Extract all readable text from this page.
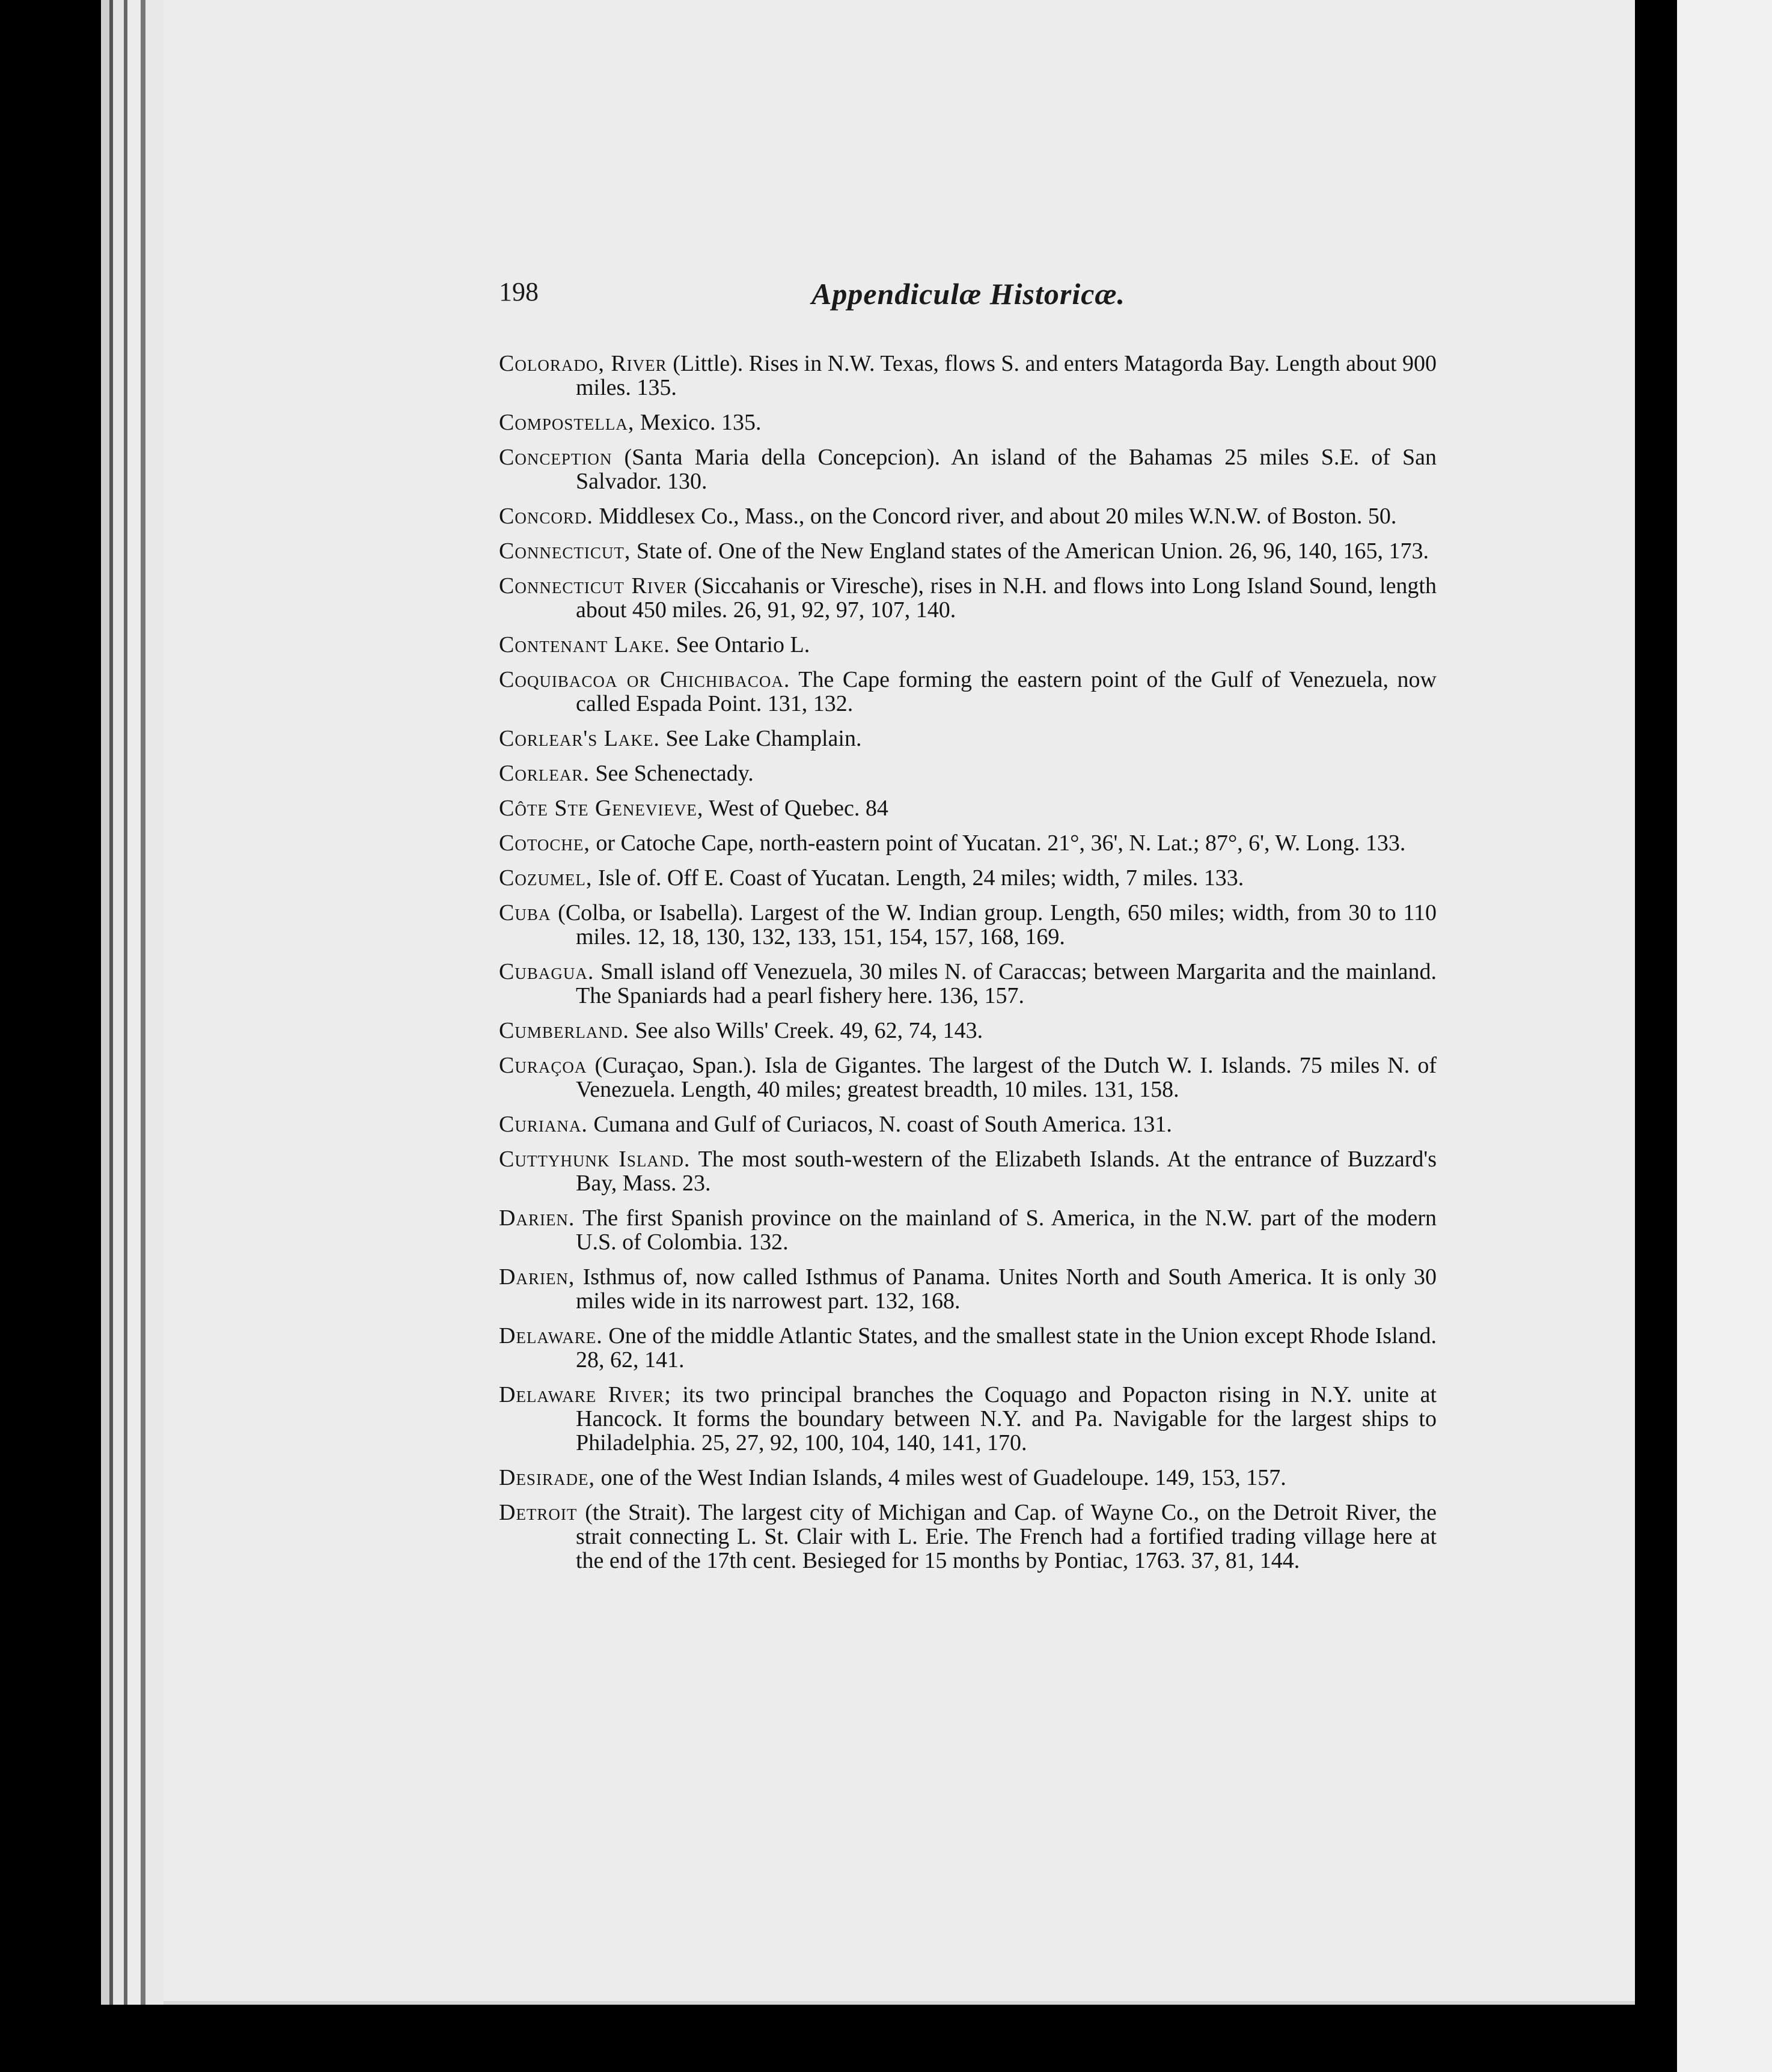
198	Appendiculæ Historicæ.

Colorado, River (Little). Rises in N.W. Texas, flows S. and enters Matagorda Bay. Length about 900 miles. 135.

Compostella, Mexico. 135.

Conception (Santa Maria della Concepcion). An island of the Bahamas 25 miles S.E. of San Salvador. 130.

Concord. Middlesex Co., Mass., on the Concord river, and about 20 miles W.N.W. of Boston. 50.

Connecticut, State of. One of the New England states of the American Union. 26, 96, 140, 165, 173.

Connecticut River (Siccahanis or Viresche), rises in N.H. and flows into Long Island Sound, length about 450 miles. 26, 91, 92, 97, 107, 140.

Contenant Lake. See Ontario L.

Coquibacoa or Chichibacoa. The Cape forming the eastern point of the Gulf of Venezuela, now called Espada Point. 131, 132.

Corlear's Lake. See Lake Champlain.

Corlear. See Schenectady.

Côte Ste Genevieve, West of Quebec. 84

Cotoche, or Catoche Cape, north-eastern point of Yucatan. 21°, 36', N. Lat.; 87°, 6', W. Long. 133.

Cozumel, Isle of. Off E. Coast of Yucatan. Length, 24 miles; width, 7 miles. 133.

Cuba (Colba, or Isabella). Largest of the W. Indian group. Length, 650 miles; width, from 30 to 110 miles. 12, 18, 130, 132, 133, 151, 154, 157, 168, 169.

Cubagua. Small island off Venezuela, 30 miles N. of Caraccas; between Margarita and the mainland. The Spaniards had a pearl fishery here. 136, 157.

Cumberland. See also Wills' Creek. 49, 62, 74, 143.

Curaçoa (Curaçao, Span.). Isla de Gigantes. The largest of the Dutch W. I. Islands. 75 miles N. of Venezuela. Length, 40 miles; greatest breadth, 10 miles. 131, 158.

Curiana. Cumana and Gulf of Curiacos, N. coast of South America. 131.

Cuttyhunk Island. The most south-western of the Elizabeth Islands. At the entrance of Buzzard's Bay, Mass. 23.

Darien. The first Spanish province on the mainland of S. America, in the N.W. part of the modern U.S. of Colombia. 132.

Darien, Isthmus of, now called Isthmus of Panama. Unites North and South America. It is only 30 miles wide in its narrowest part. 132, 168.

Delaware. One of the middle Atlantic States, and the smallest state in the Union except Rhode Island. 28, 62, 141.

Delaware River; its two principal branches the Coquago and Popacton rising in N.Y. unite at Hancock. It forms the boundary between N.Y. and Pa. Navigable for the largest ships to Philadelphia. 25, 27, 92, 100, 104, 140, 141, 170.

Desirade, one of the West Indian Islands, 4 miles west of Guadeloupe. 149, 153, 157.

Detroit (the Strait). The largest city of Michigan and Cap. of Wayne Co., on the Detroit River, the strait connecting L. St. Clair with L. Erie. The French had a fortified trading village here at the end of the 17th cent. Besieged for 15 months by Pontiac, 1763. 37, 81, 144.
